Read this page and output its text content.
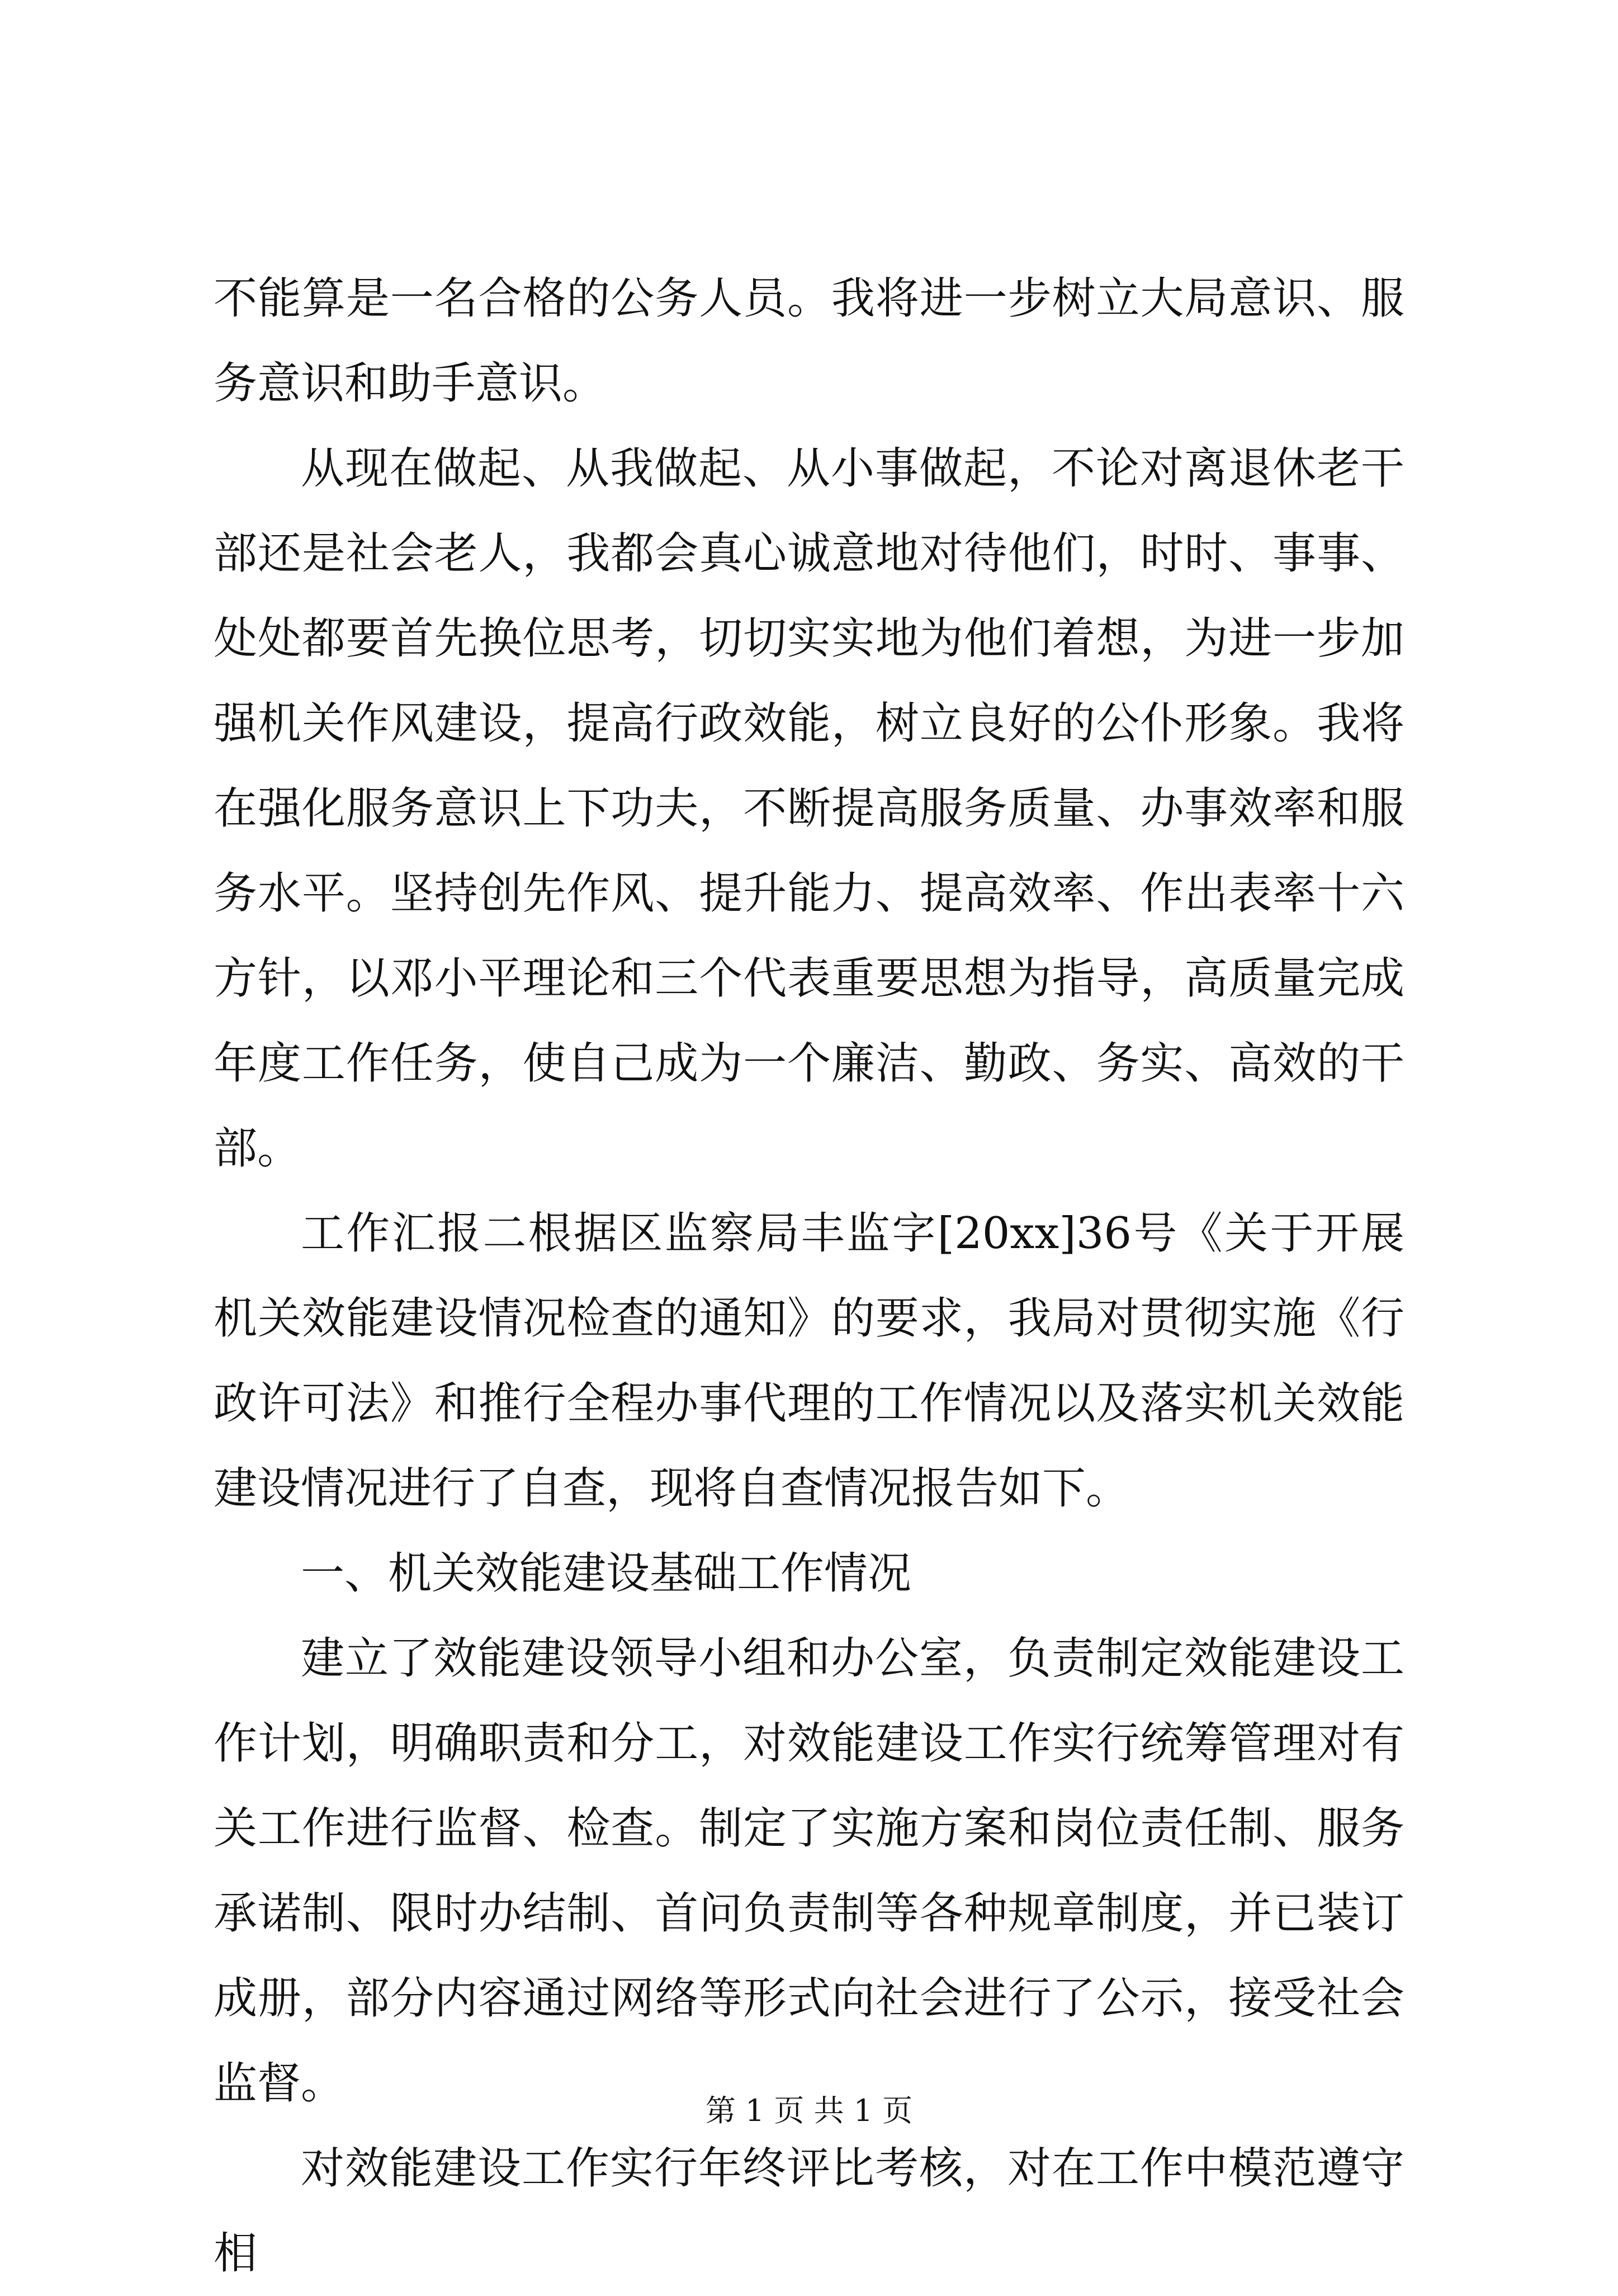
不能算是一名合格的公务人员。我将进一步树立大局意识、服务意识和助手意识。

从现在做起、从我做起、从小事做起，不论对离退休老干部还是社会老人，我都会真心诚意地对待他们，时时、事事、处处都要首先换位思考，切切实实地为他们着想，为进一步加强机关作风建设，提高行政效能，树立良好的公仆形象。我将在强化服务意识上下功夫，不断提高服务质量、办事效率和服务水平。坚持创先作风、提升能力、提高效率、作出表率十六方针，以邓小平理论和三个代表重要思想为指导，高质量完成年度工作任务，使自己成为一个廉洁、勤政、务实、高效的干部。

工作汇报二根据区监察局丰监字[20xx]36号《关于开展机关效能建设情况检查的通知》的要求，我局对贯彻实施《行政许可法》和推行全程办事代理的工作情况以及落实机关效能建设情况进行了自查，现将自查情况报告如下。

一、机关效能建设基础工作情况

建立了效能建设领导小组和办公室，负责制定效能建设工作计划，明确职责和分工，对效能建设工作实行统筹管理对有关工作进行监督、检查。制定了实施方案和岗位责任制、服务承诺制、限时办结制、首问负责制等各种规章制度，并已装订成册，部分内容通过网络等形式向社会进行了公示，接受社会监督。

对效能建设工作实行年终评比考核，对在工作中模范遵守相

第 1 页 共 1 页
